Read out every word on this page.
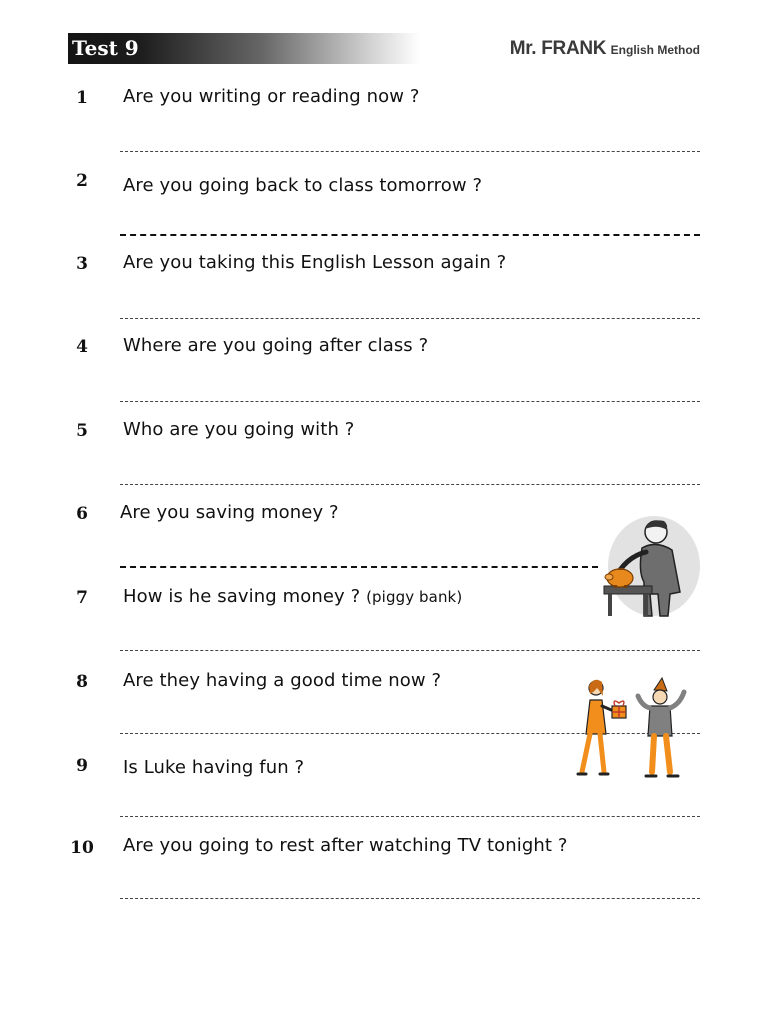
Test 9	Mr. FRANK English Method
1	Are you writing or reading now ?
2	Are you going back to class tomorrow ?
3	Are you taking this English Lesson again ?
4	Where are you going after class ?
5	Who are you going with ?
6	Are you saving money ?
7	How is he saving money ? (piggy bank)
8	Are they having a good time now ?
9	Is Luke having fun ?
10 Are you going to rest after watching TV tonight ?
